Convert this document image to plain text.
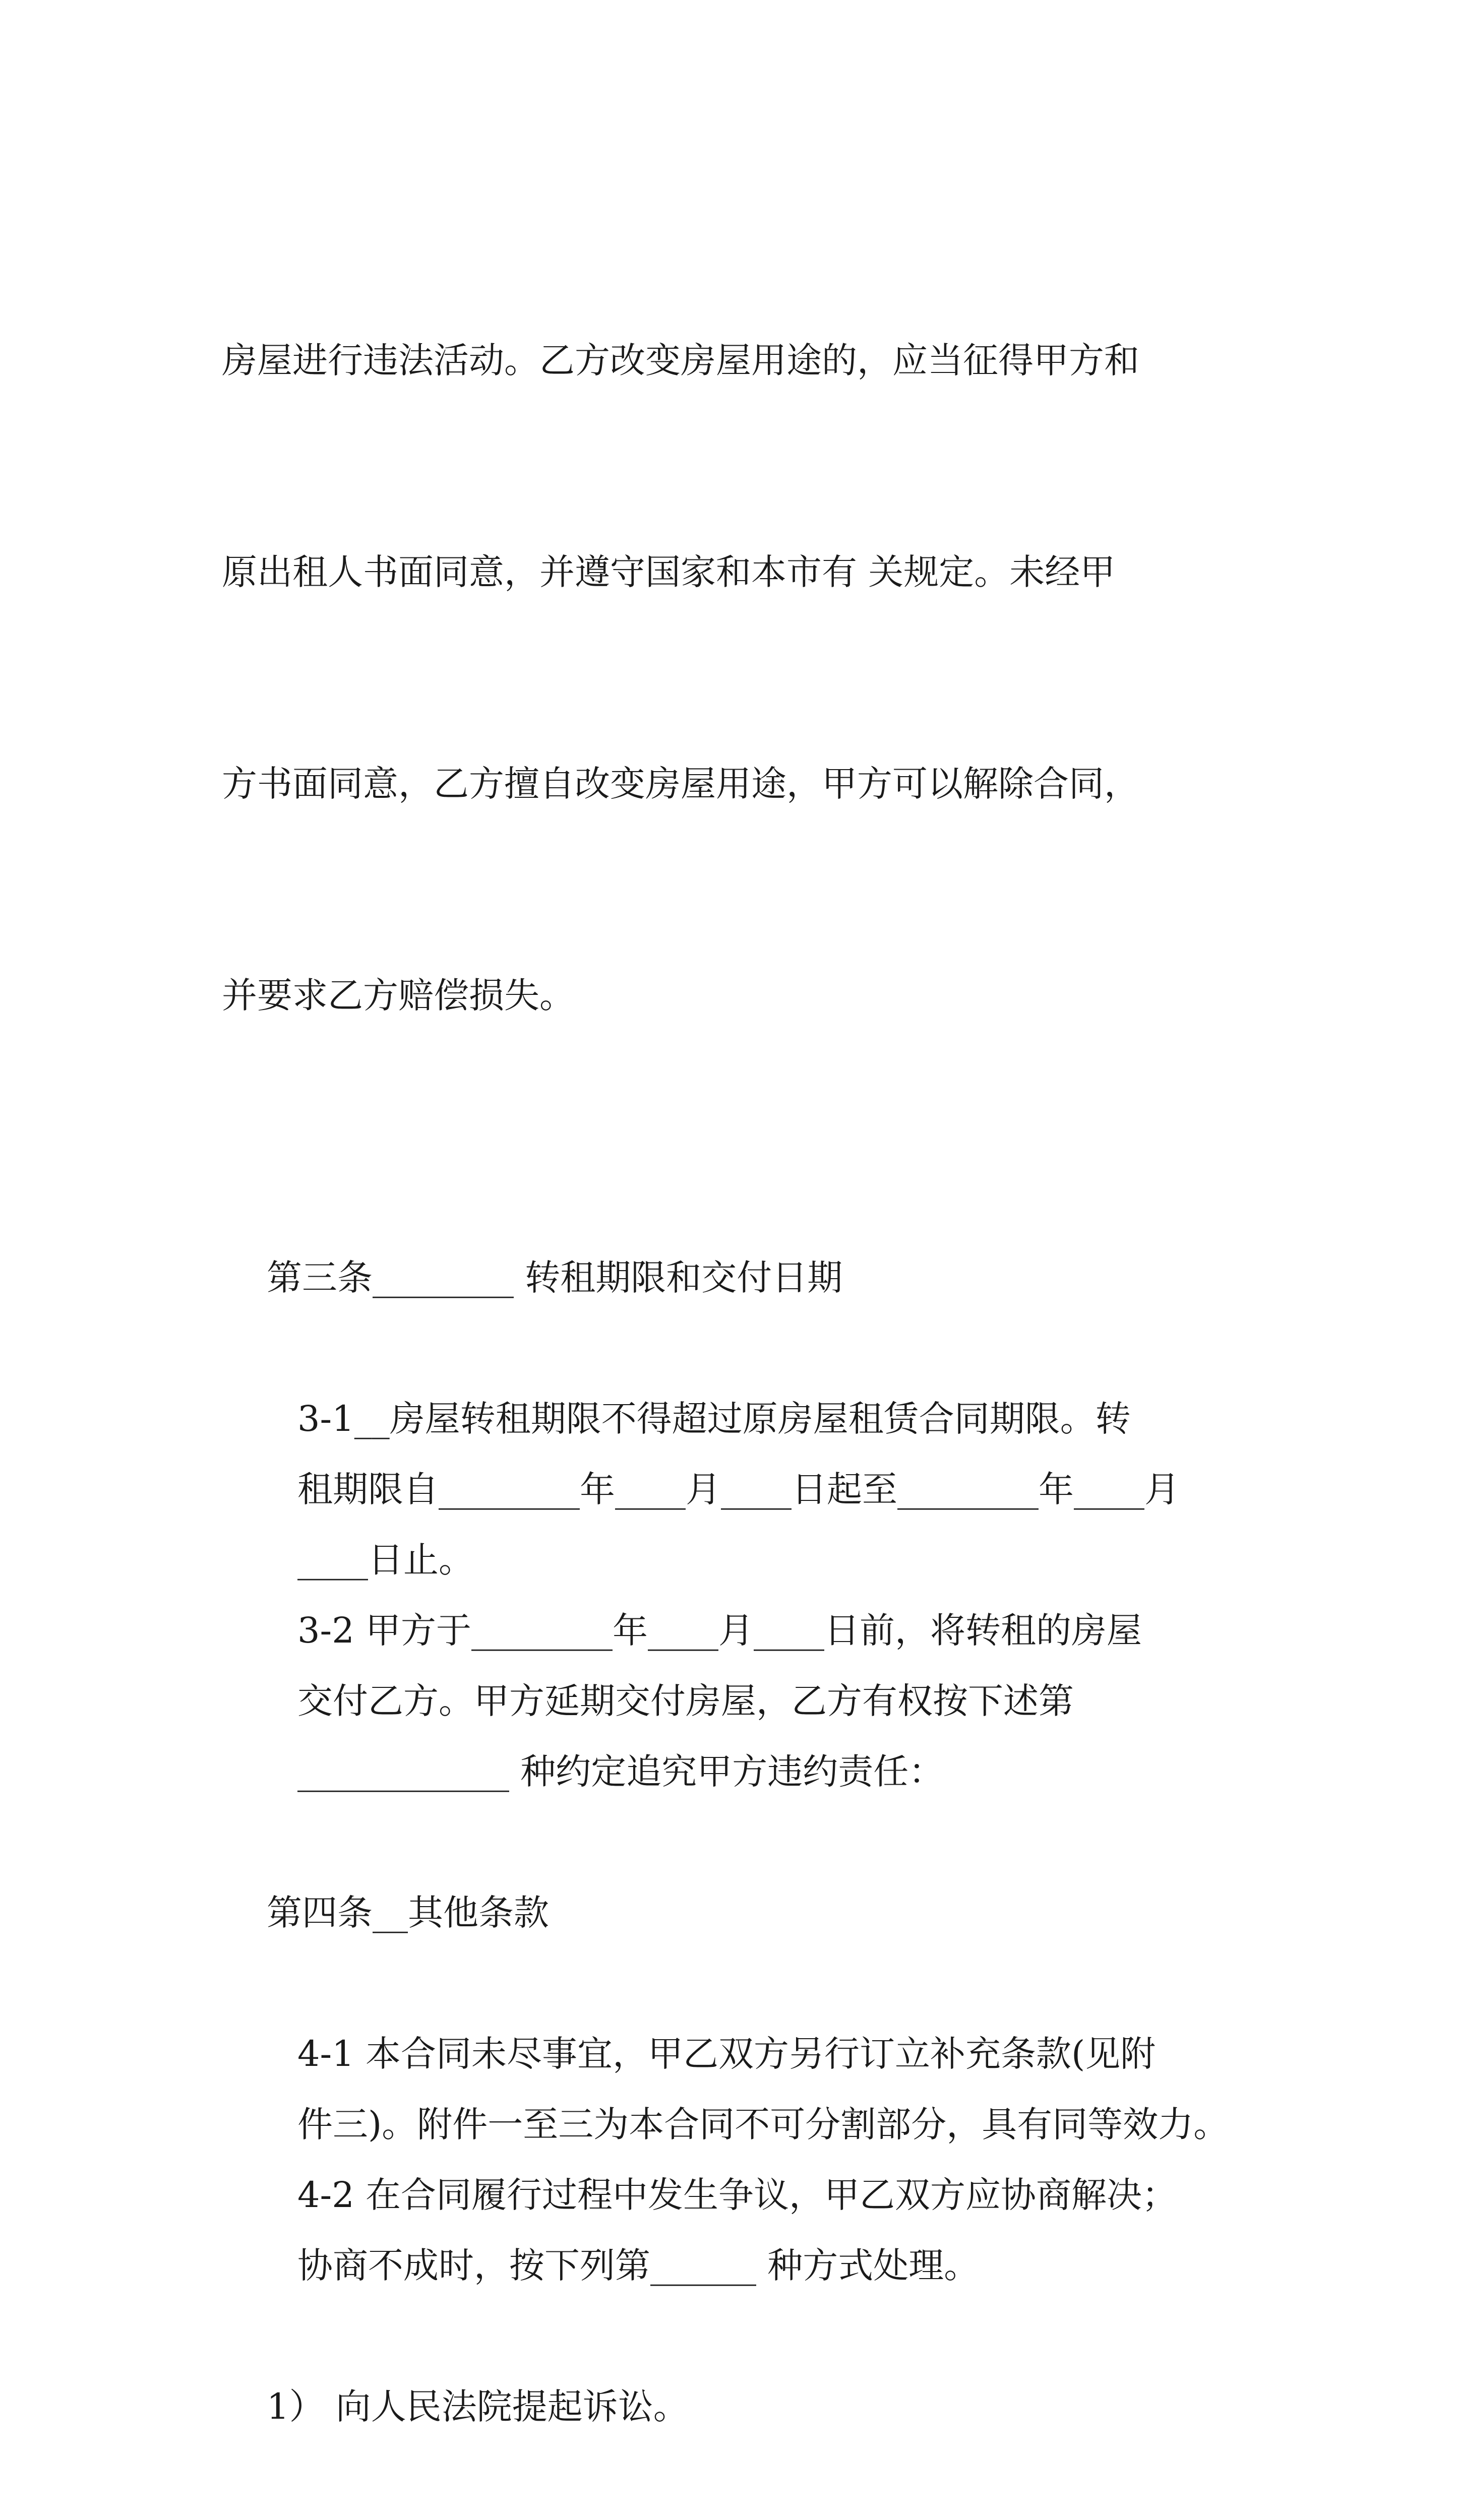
房屋进行违法活动。乙方改变房屋用途的，应当征得甲方和

原出租人书面同意，并遵守国家和本市有 关规定。未经甲

方书面同意，乙方擅自改变房屋用途，甲方可以解除合同，

并要求乙方赔偿损失。

第三条________ 转租期限和交付日期

3-1__房屋转租期限不得超过原房屋租赁合同期限。转
租期限自________年____月____日起至________年____月
____日止。

3-2 甲方于________年____月____日前，将转租的房屋
交付乙方。甲方延期交付房屋，乙方有权按下述第
____________ 种约定追究甲方违约责任：

第四条__其他条款

4-1 本合同未尽事宜，甲乙双方另行订立补充条款(见附
件三)。附件一至三为本合同不可分割部分，具有同等效力。

4-2 在合同履行过程中发生争议，甲乙双方应协商解决；
协商不成时，按下列第______ 种方式处理。

1） 向人民法院提起诉讼。
